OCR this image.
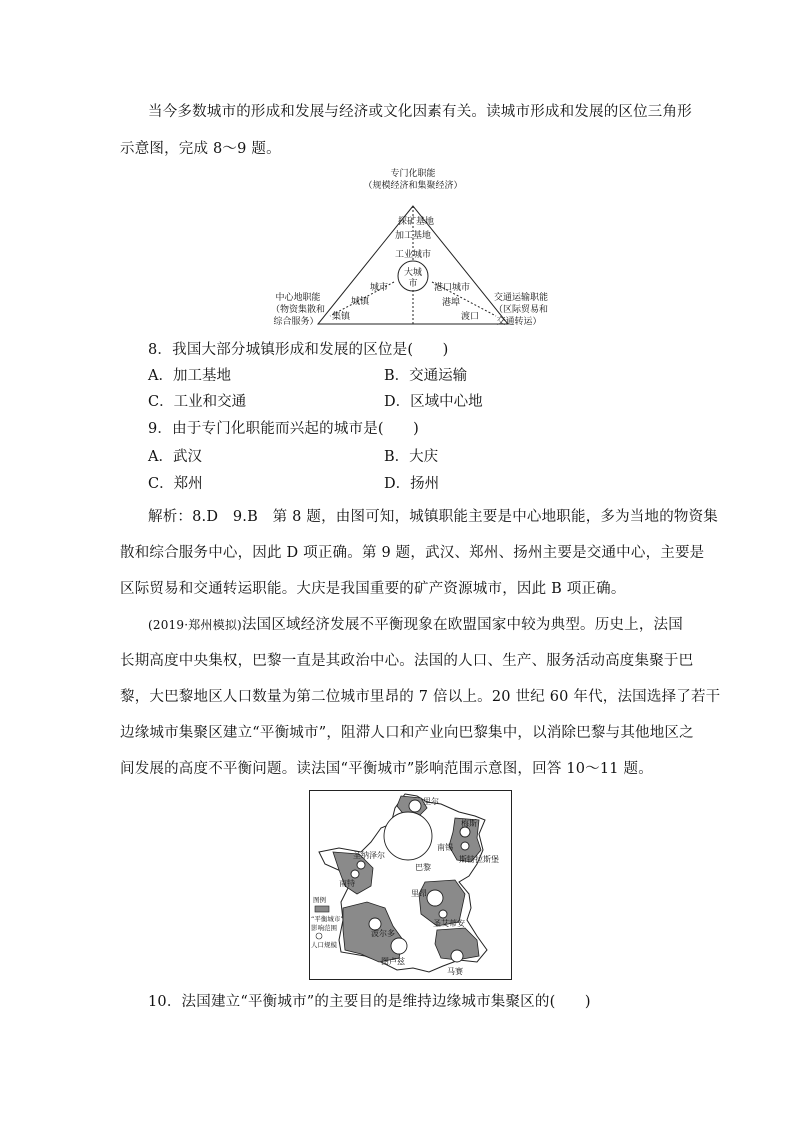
当今多数城市的形成和发展与经济或文化因素有关。读城市形成和发展的区位三角形
示意图，完成 8～9 题。
专门化职能
（规模经济和集聚经济）
探矿基地
加工基地
工业城市
大城
市
城市
城镇
集镇
港口城市
港埠
渡口
中心地职能
（物资集散和
综合服务）
交通运输职能
（区际贸易和
交通转运）
8．我国大部分城镇形成和发展的区位是(　　)
A．加工基地	B．交通运输
C．工业和交通	D．区域中心地
9．由于专门化职能而兴起的城市是(　　)
A．武汉	B．大庆
C．郑州	D．扬州
解析：8.D　9.B　第 8 题，由图可知，城镇职能主要是中心地职能，多为当地的物资集
散和综合服务中心，因此 D 项正确。第 9 题，武汉、郑州、扬州主要是交通中心，主要是
区际贸易和交通转运职能。大庆是我国重要的矿产资源城市，因此 B 项正确。
(2019·郑州模拟)法国区域经济发展不平衡现象在欧盟国家中较为典型。历史上，法国
长期高度中央集权，巴黎一直是其政治中心。法国的人口、生产、服务活动高度集聚于巴
黎，大巴黎地区人口数量为第二位城市里昂的 7 倍以上。20 世纪 60 年代，法国选择了若干
边缘城市集聚区建立“平衡城市”，阻滞人口和产业向巴黎集中，以消除巴黎与其他地区之
间发展的高度不平衡问题。读法国“平衡城市”影响范围示意图，回答 10～11 题。
里尔
梅斯
南锡
斯特拉斯堡
圣纳泽尔
南特
巴黎
里昂
圣艾蒂安
波尔多
图卢兹
马赛
图例
“平衡城市”
影响范围
人口规模
10．法国建立“平衡城市”的主要目的是维持边缘城市集聚区的(　　)
